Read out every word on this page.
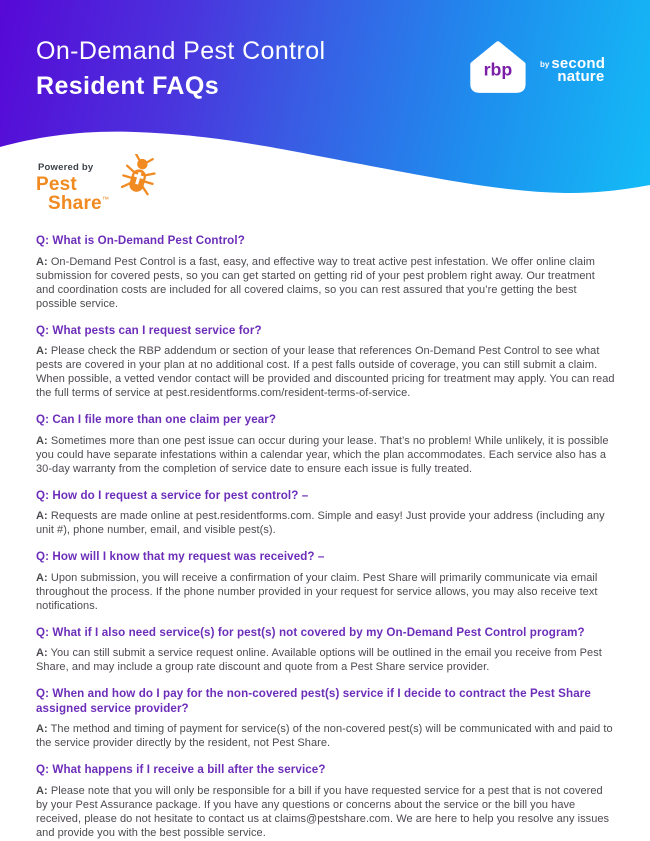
On-Demand Pest Control
Resident FAQs
rbp	by second
nature
Powered by
Pest
Share™
Q: What is On-Demand Pest Control?

A: On-Demand Pest Control is a fast, easy, and effective way to treat active pest infestation. We offer online claim submission for covered pests, so you can get started on getting rid of your pest problem right away. Our treatment and coordination costs are included for all covered claims, so you can rest assured that you’re getting the best possible service.

Q: What pests can I request service for?

A: Please check the RBP addendum or section of your lease that references On-Demand Pest Control to see what pests are covered in your plan at no additional cost. If a pest falls outside of coverage, you can still submit a claim. When possible, a vetted vendor contact will be provided and discounted pricing for treatment may apply. You can read the full terms of service at pest.residentforms.com/resident-terms-of-service.

Q: Can I file more than one claim per year?

A: Sometimes more than one pest issue can occur during your lease. That’s no problem! While unlikely, it is possible you could have separate infestations within a calendar year, which the plan accommodates. Each service also has a 30-day warranty from the completion of service date to ensure each issue is fully treated.

Q: How do I request a service for pest control? –

A: Requests are made online at pest.residentforms.com. Simple and easy! Just provide your address (including any unit #), phone number, email, and visible pest(s).

Q: How will I know that my request was received? –

A: Upon submission, you will receive a confirmation of your claim. Pest Share will primarily communicate via email throughout the process. If the phone number provided in your request for service allows, you may also receive text notifications.

Q: What if I also need service(s) for pest(s) not covered by my On-Demand Pest Control program?

A: You can still submit a service request online. Available options will be outlined in the email you receive from Pest Share, and may include a group rate discount and quote from a Pest Share service provider.

Q: When and how do I pay for the non-covered pest(s) service if I decide to contract the Pest Share assigned service provider?

A: The method and timing of payment for service(s) of the non-covered pest(s) will be communicated with and paid to the service provider directly by the resident, not Pest Share.

Q: What happens if I receive a bill after the service?

A: Please note that you will only be responsible for a bill if you have requested service for a pest that is not covered by your Pest Assurance package. If you have any questions or concerns about the service or the bill you have received, please do not hesitate to contact us at claims@pestshare.com. We are here to help you resolve any issues and provide you with the best possible service.
